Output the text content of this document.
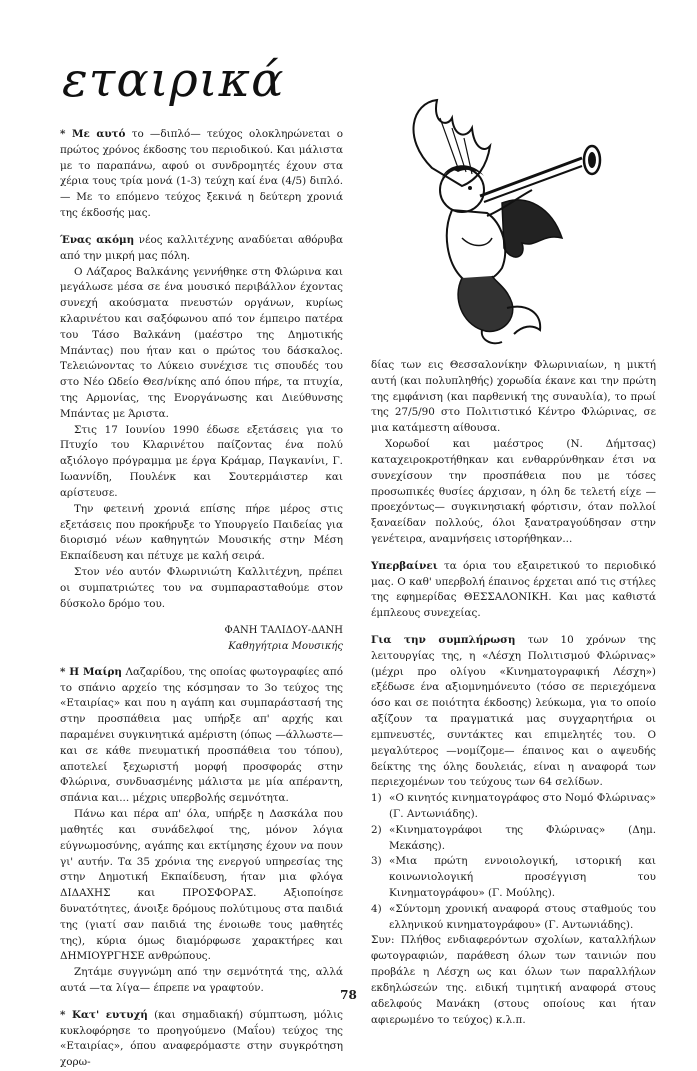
εταιρικά

* Με αυτό το —διπλό— τεύχος ολοκληρώνεται ο πρώτος χρόνος έκδοσης του περιοδικού. Και μάλιστα με το παραπάνω, αφού οι συνδρομητές έχουν στα χέρια τους τρία μονά (1-3) τεύχη καί ένα (4/5) διπλό. — Με το επόμενο τεύχος ξεκινά η δεύτερη χρονιά της έκδοσής μας.

Ένας ακόμη νέος καλλιτέχνης αναδύεται αθόρυβα από την μικρή μας πόλη.

Ο Λάζαρος Βαλκάνης γεννήθηκε στη Φλώρινα και μεγάλωσε μέσα σε ένα μουσικό περιβάλλον έχοντας συνεχή ακούσματα πνευστών οργάνων, κυρίως κλαρινέτου και σαξόφωνου από τον έμπειρο πατέρα του Τάσο Βαλκάνη (μαέστρο της Δημοτικής Μπάντας) που ήταν και ο πρώτος του δάσκαλος. Τελειώνοντας το Λύκειο συνέχισε τις σπουδές του στο Νέο Ωδείο Θεσ/νίκης από όπου πήρε, τα πτυχία, της Αρμονίας, της Ενοργάνωσης και Διεύθυνσης Μπάντας με Άριστα.

Στις 17 Ιουνίου 1990 έδωσε εξετάσεις για το Πτυχίο του Κλαρινέτου παίζοντας ένα πολύ αξιόλογο πρόγραμμα με έργα Κράμαρ, Παγκανίνι, Γ. Ιωαννίδη, Πουλένκ και Σουτερμάιστερ και αρίστευσε.

Την φετεινή χρονιά επίσης πήρε μέρος στις εξετάσεις που προκήρυξε το Υπουργείο Παιδείας για διορισμό νέων καθηγητών Μουσικής στην Μέση Εκπαίδευση και πέτυχε με καλή σειρά.

Στον νέο αυτόν Φλωρινιώτη Καλλιτέχνη, πρέπει οι συμπατριώτες του να συμπαρασταθούμε στον δύσκολο δρόμο του.

ΦΑΝΗ ΤΑΛΙΔΟΥ-ΔΑΝΗ

Καθηγήτρια Μουσικής

* Η Μαίρη Λαζαρίδου, της οποίας φωτογραφίες από το σπάνιο αρχείο της κόσμησαν το 3ο τεύχος της «Εταιρίας» και που η αγάπη και συμπαράστασή της στην προσπάθεια μας υπήρξε απ' αρχής και παραμένει συγκινητικά αμέριστη (όπως —άλλωστε— και σε κάθε πνευματική προσπάθεια του τόπου), αποτελεί ξεχωριστή μορφή προσφοράς στην Φλώρινα, συνδυασμένης μάλιστα με μία απέραντη, σπάνια και... μέχρις υπερβολής σεμνότητα.

Πάνω και πέρα απ' όλα, υπήρξε η Δασκάλα που μαθητές και συνάδελφοί της, μόνον λόγια εύγνωμοσύνης, αγάπης και εκτίμησης έχουν να πουν γι' αυτήν. Τα 35 χρόνια της ενεργού υπηρεσίας της στην Δημοτική Εκπαίδευση, ήταν μια φλόγα ΔΙΔΑΧΗΣ και ΠΡΟΣΦΟΡΑΣ. Αξιοποίησε δυνατότητες, άνοιξε δρόμους πολύτιμους στα παιδιά της (γιατί σαν παιδιά της ένοιωθε τους μαθητές της), κύρια όμως διαμόρφωσε χαρακτήρες και ΔΗΜΙΟΥΡΓΗΣΕ ανθρώπους.

Ζητάμε συγγνώμη από την σεμνότητά της, αλλά αυτά —τα λίγα— έπρεπε να γραφτούν.

* Κατ' ευτυχή (και σημαδιακή) σύμπτωση, μόλις κυκλοφόρησε το προηγούμενο (Μαΐου) τεύχος της «Εταιρίας», όπου αναφερόμαστε στην συγκρότηση χορω-

δίας των εις Θεσσαλονίκην Φλωρινιαίων, η μικτή αυτή (και πολυπληθής) χορωδία έκανε και την πρώτη της εμφάνιση (και παρθενική της συναυλία), το πρωί της 27/5/90 στο Πολιτιστικό Κέντρο Φλώρινας, σε μια κατάμεστη αίθουσα.

Χορωδοί και μαέστρος (Ν. Δήμτσας) καταχειροκροτήθηκαν και ενθαρρύνθηκαν έτσι να συνεχίσουν την προσπάθεια που με τόσες προσωπικές θυσίες άρχισαν, η όλη δε τελετή είχε —προεχόντως— συγκινησιακή φόρτισιν, όταν πολλοί ξαναείδαν πολλούς, όλοι ξανατραγούδησαν στην γενέτειρα, αναμνήσεις ιστορήθηκαν...

Υπερβαίνει τα όρια του εξαιρετικού το περιοδικό μας. Ο καθ' υπερβολή έπαινος έρχεται από τις στήλες της εφημερίδας ΘΕΣΣΑΛΟΝΙΚΗ. Και μας καθιστά έμπλεους συνεχείας.

Για την συμπλήρωση των 10 χρόνων της λειτουργίας της, η «Λέσχη Πολιτισμού Φλώρινας» (μέχρι προ ολίγου «Κινηματογραφική Λέσχη») εξέδωσε ένα αξιομνημόνευτο (τόσο σε περιεχόμενα όσο και σε ποιότητα έκδοσης) λεύκωμα, για το οποίο αξίζουν τα πραγματικά μας συγχαρητήρια οι εμπνευστές, συντάκτες και επιμελητές του. Ο μεγαλύτερος —νομίζομε— έπαινος και ο αψευδής δείκτης της όλης δουλειάς, είναι η αναφορά των περιεχομένων του τεύχους των 64 σελίδων.

1) «Ο κινητός κινηματογράφος στο Νομό Φλώρινας» (Γ. Αντωνιάδης).

2) «Κινηματογράφοι της Φλώρινας» (Δημ. Μεκάσης).

3) «Μια πρώτη εννοιολογική, ιστορική και κοινωνιολογική προσέγγιση του Κινηματογράφου» (Γ. Μούλης).

4) «Σύντομη χρονική αναφορά στους σταθμούς του ελληνικού κινηματογράφου» (Γ. Αντωνιάδης).

Συν: Πλήθος ενδιαφερόντων σχολίων, καταλλήλων φωτογραφιών, παράθεση όλων των ταινιών που προβάλε η Λέσχη ως και όλων των παραλλήλων εκδηλώσεών της. ειδική τιμητική αναφορά στους αδελφούς Μανάκη (στους οποίους και ήταν αφιερωμένο το τεύχος) κ.λ.π.

78
